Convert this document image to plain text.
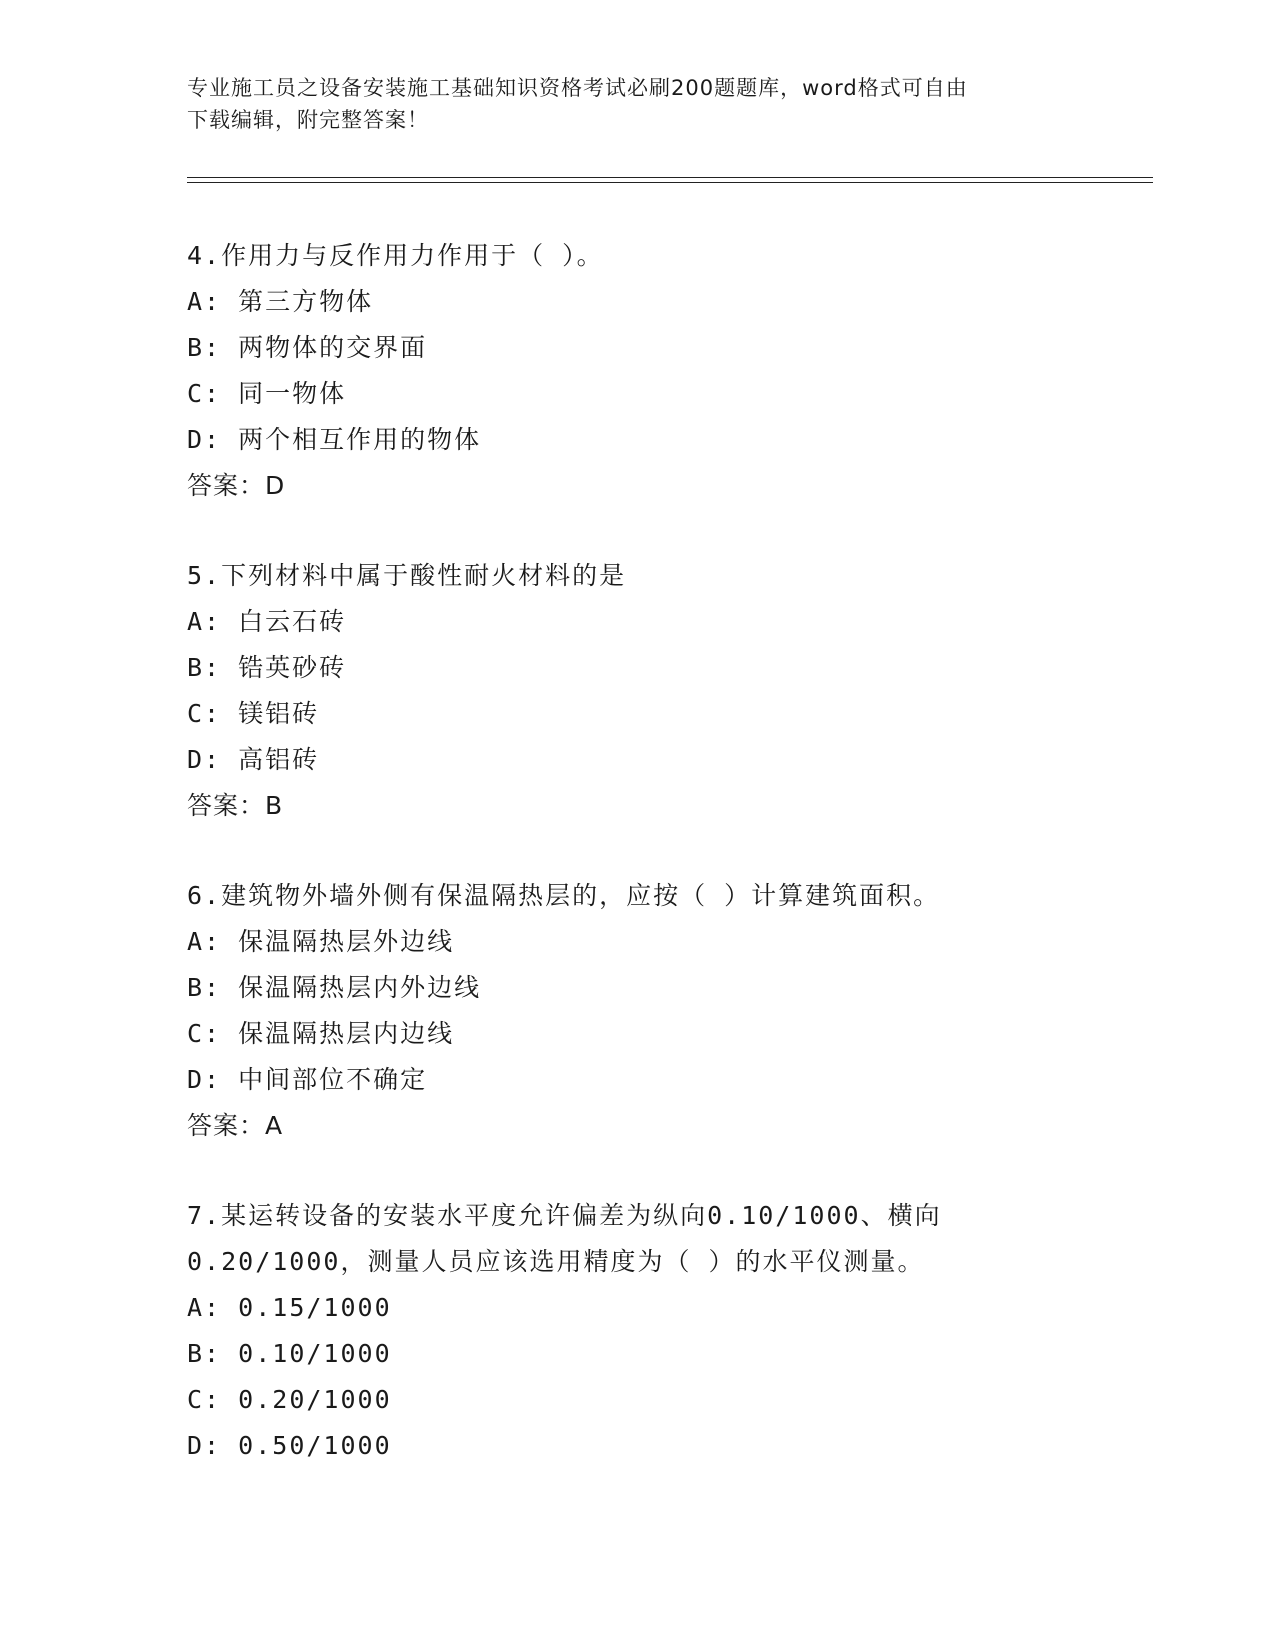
专业施工员之设备安装施工基础知识资格考试必刷200题题库，word格式可自由
下载编辑，附完整答案！
4.作用力与反作用力作用于（ ）。
A: 第三方物体
B: 两物体的交界面
C: 同一物体
D: 两个相互作用的物体
答案：D
5.下列材料中属于酸性耐火材料的是
A: 白云石砖
B: 锆英砂砖
C: 镁铝砖
D: 高铝砖
答案：B
6.建筑物外墙外侧有保温隔热层的，应按（ ）计算建筑面积。
A: 保温隔热层外边线
B: 保温隔热层内外边线
C: 保温隔热层内边线
D: 中间部位不确定
答案：A
7.某运转设备的安装水平度允许偏差为纵向0.10/1000、横向
0.20/1000，测量人员应该选用精度为（ ）的水平仪测量。
A: 0.15/1000
B: 0.10/1000
C: 0.20/1000
D: 0.50/1000
